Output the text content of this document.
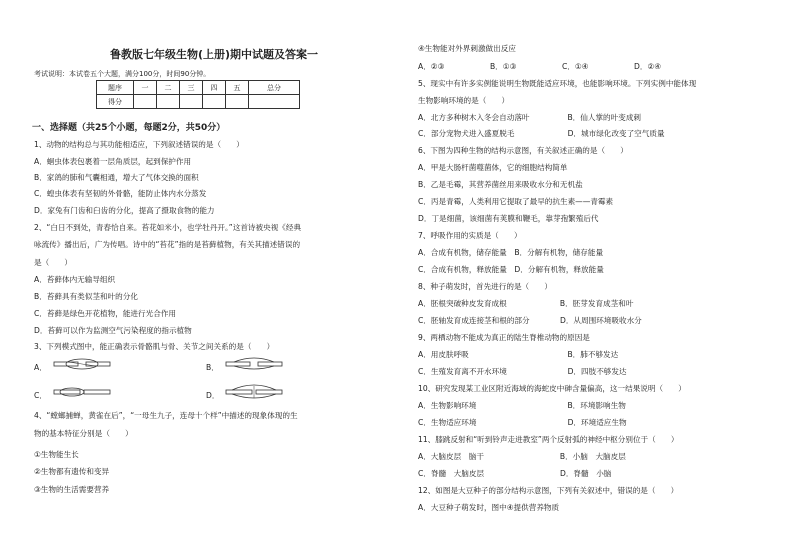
鲁教版七年级生物(上册)期中试题及答案一
考试说明：本试卷五个大题，满分100分，时间90分钟。
题序	一	二	三	四	五	总分
得分						
一、选择题（共25个小题，每题2分，共50分）
1、动物的结构总与其功能相适应，下列叙述错误的是（　　）
A．蛔虫体表包裹着一层角质层，起到保护作用
B．家鸽的肺和气囊相通，增大了气体交换的面积
C．蝗虫体表有坚韧的外骨骼，能防止体内水分蒸发
D．家兔有门齿和臼齿的分化，提高了摄取食物的能力
2、“白日不到处，青春恰自来。苔花如米小，也学牡丹开。”这首诗被央视《经典
咏流传》播出后，广为传唱。诗中的“苔花”指的是苔藓植物，有关其描述错误的
是（　　）
A．苔藓体内无输导组织
B．苔藓具有类似茎和叶的分化
C．苔藓是绿色开花植物，能进行光合作用
D．苔藓可以作为监测空气污染程度的指示植物
3、下列模式图中，能正确表示骨骼肌与骨、关节之间关系的是（　　）
4、“螳螂捕蝉，黄雀在后”，“一母生九子，连母十个样”中描述的现象体现的生
物的基本特征分别是（　　）
①生物能生长
②生物都有遗传和变异
③生物的生活需要营养
A．	B．
C．	D．
④生物能对外界刺激做出反应
A．②③　　　　　　B．①③　　　　　　C．①④　　　　　　D．②④
5、现实中有许多实例能说明生物既能适应环境，也能影响环境。下列实例中能体现
生物影响环境的是（　　）
A．北方多种树木入冬会自动落叶　　　　　B．仙人掌的叶变成刺
C．部分宠物犬进入盛夏脱毛　　　　　　　D．城市绿化改变了空气质量
6、下图为四种生物的结构示意图，有关叙述正确的是（　　）
A．甲是大肠杆菌噬菌体，它的细胞结构简单
B．乙是毛霉，其营养菌丝用来吸收水分和无机盐
C．丙是青霉，人类利用它提取了最早的抗生素——青霉素
D．丁是细菌，该细菌有荚膜和鞭毛，靠芽孢繁殖后代
7、呼吸作用的实质是（　　）
A．合成有机物，储存能量　B．分解有机物，储存能量
C．合成有机物，释放能量　D．分解有机物，释放能量
8、种子萌发时，首先进行的是（　　）
A．胚根突破种皮发育成根　　　　　　　B．胚芽发育成茎和叶
C．胚轴发育成连接茎和根的部分　　　　D．从周围环境吸收水分
9、两栖动物不能成为真正的陆生脊椎动物的原因是
A．用皮肤呼吸　　　　　　　　　　　　　B．肺不够发达
C．生殖发育离不开水环境　　　　　　　　D．四肢不够发达
10、研究发现某工业区附近海域的海蛇皮中砷含量偏高，这一结果说明（　　）
A．生物影响环境　　　　　　　　　　　　B．环境影响生物
C．生物适应环境　　　　　　　　　　　　D．环境适应生物
11、膝跳反射和“听到铃声走进教室”两个反射弧的神经中枢分别位于（　　）
A．大脑皮层　脑干　　　　　　　　　　B．小脑　大脑皮层
C．脊髓　大脑皮层　　　　　　　　　　D．脊髓　小脑
12、如图是大豆种子的部分结构示意图，下列有关叙述中，错误的是（　　）
A．大豆种子萌发时，图中④提供营养物质
